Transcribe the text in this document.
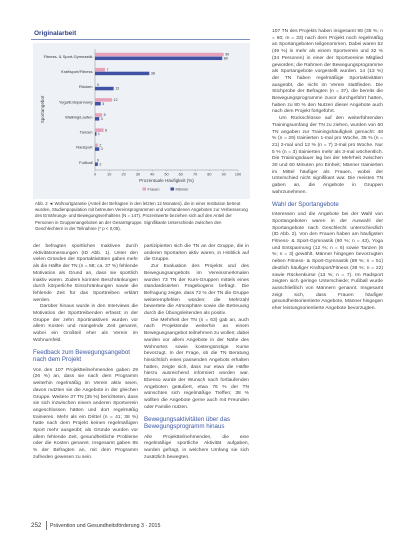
Originalarbeit
Sportangebot
Fitness- & Sport-Gymnastik	90
89
Kraftsport/Fitness	7
38
Rücken 0
13
Yoga/Entspannung	12
4
Walking/Laufen	5
3
Tanzen	6
1
Radsport 2
3
Fußball 0
2
0	10	20	30	40	50	60	70	80	90 100
Prozentuale Häufigkeit (%)
Frauen	Männer
Abb. 2 ◄ Wohnortgarantie (Anteil der Befragten in den letzten 12 Monaten), die in einer Institution betreut wurden, Studienpopulation mit betreuten Vereinsprogrammen und vorhandenen Angeboten zur Verbesserung des Ernährungs- und Bewegungsverhaltens (N = 147). Prozentwerte beziehen sich auf den Anteil der Personen in Gruppenangeboten an der Gesamtgruppe. Signifikante Unterschiede zwischen den Geschlechtern in der Teilnahme (* p < 0,05).

der befragten sportlichen Inaktiven durch Aktivitätsmessungen (ID Abb. 1). Unter den vielen Gründen der Sportaktivitäten gaben mehr als die Hälfte der TN (n = 58; ca. 37 %) fehlende Motivation als Grund an, dass sie sportlich inaktiv waren. Zudem konnten Beschränkungen durch körperliche Einschränkungen sowie die fehlende Zeit für das Sporttreiben erklärt werden.

Darüber hinaus wurde in den Interviews die Motivation der Sporttreibenden erfasst; in der Gruppe der zehn Sportinaktiven wurden vor allem Kosten und mangelnde Zeit genannt, wobei ein Großteil eher als Verein im Wohnumfeld.

Feedback zum Bewegungsangebot nach dem Projekt

Von den 107 Projektteilnehmenden gaben 29 (26 %) an, dass sie nach dem Programm weiterhin regelmäßig im Verein aktiv seien, davon nutzten sie die Angebote in der gleichen Gruppe. Weitere 37 TN (35 %) berichteten, dass sie sich inzwischen einem anderen Sportverein angeschlossen hätten und dort regelmäßig trainieren. Mehr als ein Drittel (n = 41; 38 %) hatte nach dem Projekt keinen regelmäßigen Sport mehr ausgeübt; als Gründe wurden vor allem fehlende Zeit, gesundheitliche Probleme oder die Kosten genannt. Insgesamt gaben 85 % der Befragten an, mit dem Programm zufrieden gewesen zu sein.

partizipierten sich die TN an der Gruppe, die in anderen Sportarten aktiv waren, in Hinblick auf die Gruppe.

Zur Evaluation des Projekts und des Bewegungsangebots im Vereinsmerkmalen wurden 73 TN der Kurs-Gruppen mittels eines standardisierten Fragebogens befragt. Die Befragung zeigte, dass 72 % der TN die Gruppe weiterempfehlen würden; die Mehrzahl bewertete die Atmosphäre sowie die Betreuung durch die Übungsleitenden als positiv.

Die Mehrheit der TN (n = 63) gab an, auch nach Projektende weiterhin an einem Bewegungsangebot teilnehmen zu wollen; dabei wurden vor allem Angebote in der Nähe des Wohnortes sowie kostengünstige Kurse bevorzugt. In der Frage, ob die TN Beratung hinsichtlich eines passenden Angebots erhalten hatten, zeigte sich, dass nur etwa die Hälfte hierzu ausreichend informiert worden war. Ebenso wurde der Wunsch nach fortlaufenden Angeboten geäußert, etwa 76 % der TN wünschten sich regelmäßige Treffen; 38 % wollten die Angebote gerne auch mit Freunden oder Familie nutzen.

Bewegungsaktivitäten über das Bewegungsprogramm hinaus

Alle Projektteilnehmenden, die eine regelmäßige sportliche Aktivität aufgaben, wurden gefragt, in welchem Umfang sie sich zusätzlich bewegten.

107 TN des Projekts haben insgesamt 98 (35 %; n = 60; m = 33) nach dem Projekt noch regelmäßig an Sportangeboten teilgenommen. Dabei waren 52 (49 %) in mehr als einem Sportverein und 32 % (34 Personen) in einer der Sportvereine Mitglied geworden; die Rahmen der Bewegungsprogramme als Sportangebote vorgestellt wurden. 14 (13 %) der TN haben regelmäßige Sportaktivitäten ausgeübt, die nicht im Verein stattfinden. Die Stichprobe der Befragten (n = 37), die bereits die Bewegungsprogramme zuvor durchgeführt hatten, haben zu 80 % den Nutzen dieser Angebote auch nach dem Projekt fortgeführt.

Um Rückschlüsse auf den weiterführenden Trainingsumfang der TN zu ziehen, wurden von 60 TN angaben zur Trainingshäufigkeit gemacht: 48 % (n = 29) trainierten 1-mal pro Woche, 35 % (n = 21) 2-mal und 12 % (n = 7) 3-mal pro Woche. Nur 5 % (n = 3) trainierten mehr als 3-mal wöchentlich. Die Trainingsdauer lag bei der Mehrheit zwischen 30 und 60 Minuten pro Einheit; Männer trainierten im Mittel häufiger als Frauen, wobei der Unterschied nicht signifikant war. Die meisten TN gaben an, die Angebote in Gruppen wahrzunehmen.

Wahl der Sportangebote

Interessen und die Angebote bei der Wahl von Sportangeboten waren in der Auswahl der Sportangebote nach Geschlecht unterschiedlich (ID Abb. 2). Von den Frauen haben am häufigsten Fitness- & Sport-Gymnastik (90 %; n = 43), Yoga und Entspannung (12 %; n = 6) sowie Tanzen (6 %; n = 3) gewählt. Männer hingegen bevorzugten neben Fitness- & Sport-Gymnastik (89 %; n = 51) deutlich häufiger Kraftsport/Fitness (38 %; n = 22) sowie Rückenkurse (13 %; n = 7). Im Radsport zeigten sich geringe Unterschiede; Fußball wurde ausschließlich von Männern genannt. Insgesamt zeigt sich, dass Frauen häufiger gesundheitsorientierte Angebote, Männer hingegen eher leistungsorientierte Angebote bevorzugten.

252 Prävention und Gesundheitsförderung 3 · 2015
